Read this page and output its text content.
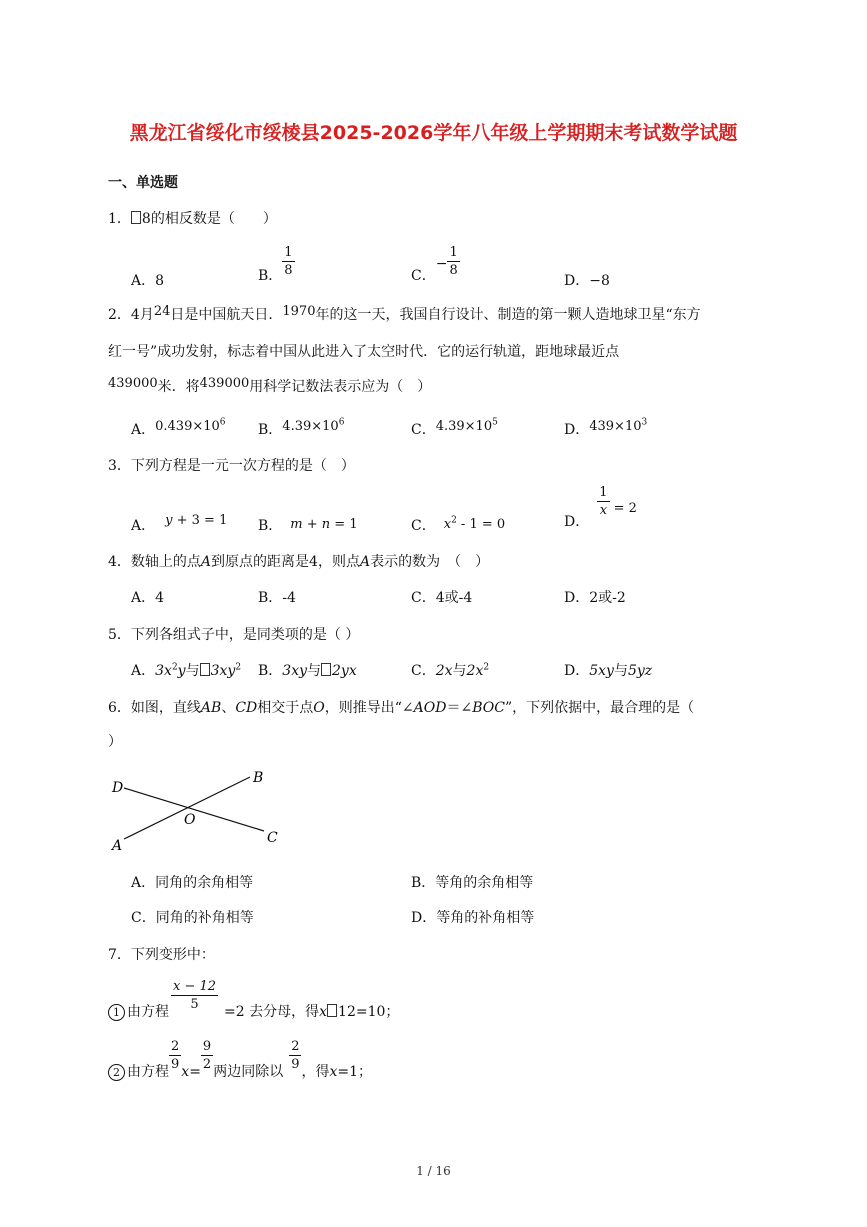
黑龙江省绥化市绥棱县2025-2026学年八年级上学期期末考试数学试题
一、单选题
1． 8的相反数是（　　）
A．8	B． $\frac{1}{8}$	C．− $\frac{1}{8}$
D．−8
2．4月24日是中国航天日．1970年的这一天，我国自行设计、制造的第一颗人造地球卫星“东方
红一号”成功发射，标志着中国从此进入了太空时代．它的运行轨道，距地球最近点
439000米．将439000用科学记数法表示应为（　）
A．$0.439\times 10^6$ B．$4.39\times 10^6$	C．$4.39\times 10^5$	D．$439\times 10^3$
3．下列方程是一元一次方程的是（　）
A． y + 3 = 1 B． m + n = 1	C． $x^2 - 1 = 0$	D．
$\frac{1}{x} = 2$
4．数轴上的点A到原点的距离是4，则点A表示的数为　（　）
A．4	B．-4	C．4或-4	D．2或-2
5．下列各组式子中，是同类项的是（ ）
A．$3x^2y$与 $3xy^2$ B．3xy与 2yx	C．2x与$2x^2$	D．5xy与5yz
6．如图，直线AB、CD相交于点O，则推导出“∠AOD＝∠BOC”，下列依据中，最合理的是（
）
D
B
O
A	C
A．同角的余角相等	B．等角的余角相等
C．同角的补角相等	D．等角的补角相等
7．下列变形中：
1 由方程
$\frac{x - 12}{5}$
=2 去分母，得x 12=10；
2 由方程
$\frac{2}{9}$
x=
$\frac{9}{2}$
两边同除以
$\frac{2}{9}$
，得x=1；
1 / 16
